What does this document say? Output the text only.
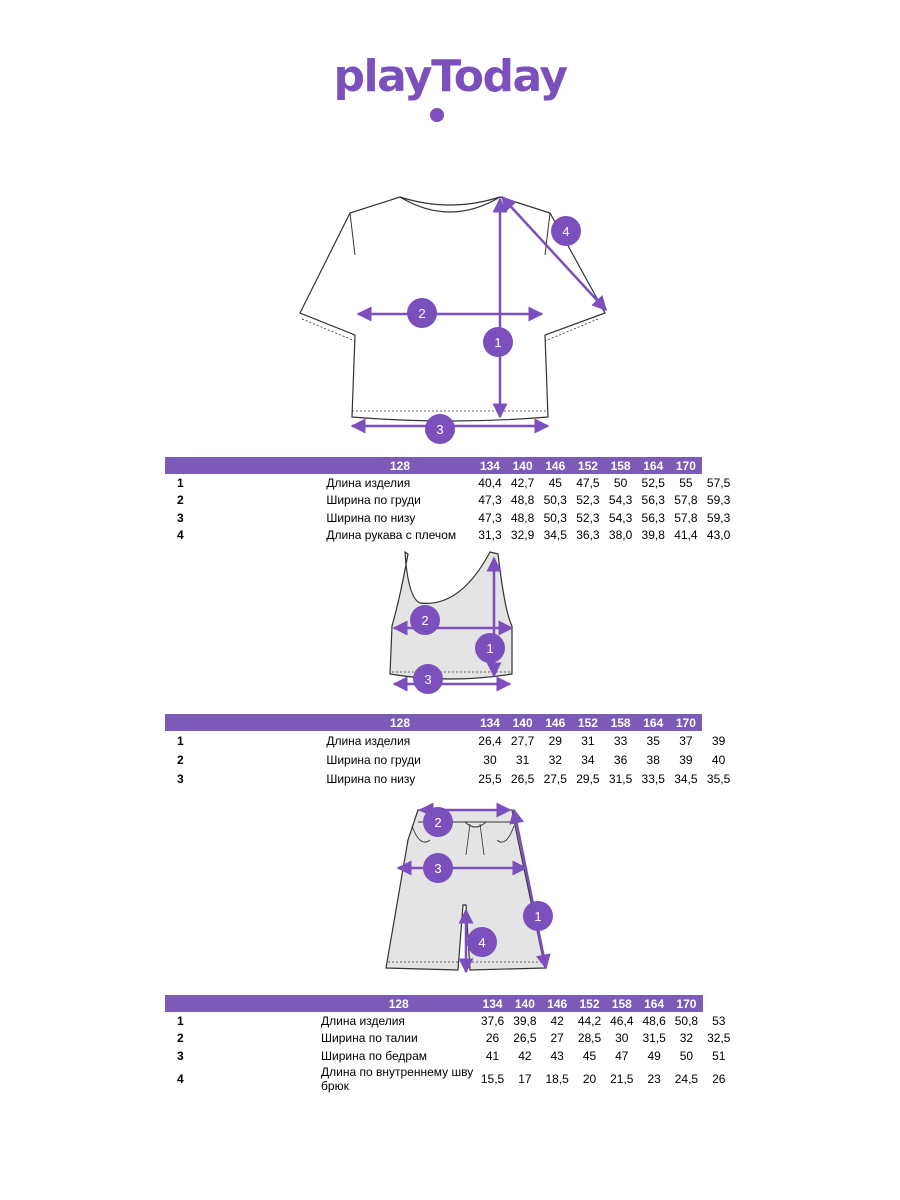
playToday
1
2
3
4
	128	134	140	146	152	158	164	170	
1	Длина изделия	40,4	42,7	45	47,5	50	52,5	55	57,5
2	Ширина по груди	47,3	48,8	50,3	52,3	54,3	56,3	57,8	59,3
3	Ширина по низу	47,3	48,8	50,3	52,3	54,3	56,3	57,8	59,3
4	Длина рукава с плечом	31,3	32,9	34,5	36,3	38,0	39,8	41,4	43,0
1
2
3
	128	134	140	146	152	158	164	170	
1	Длина изделия	26,4	27,7	29	31	33	35	37	39
2	Ширина по груди	30	31	32	34	36	38	39	40
3	Ширина по низу	25,5	26,5	27,5	29,5	31,5	33,5	34,5	35,5
1
2
3
4
	128	134	140	146	152	158	164	170	
1	Длина изделия	37,6	39,8	42	44,2	46,4	48,6	50,8	53
2	Ширина по талии	26	26,5	27	28,5	30	31,5	32	32,5
3	Ширина по бедрам	41	42	43	45	47	49	50	51
4	Длина по внутреннему шву брюк	15,5	17	18,5	20	21,5	23	24,5	26
